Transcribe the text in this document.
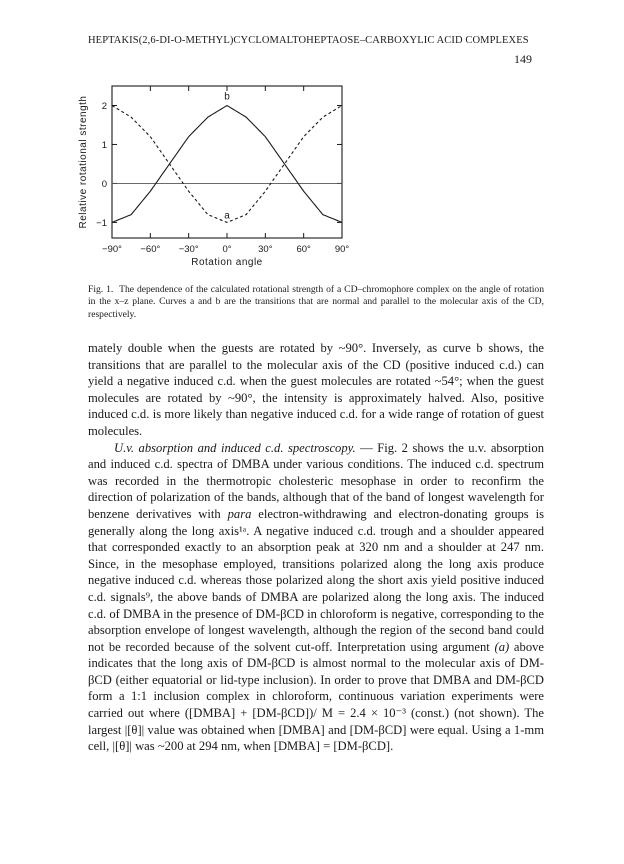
HEPTAKIS(2,6-DI-O-METHYL)CYCLOMALTOHEPTAOSE–CARBOXYLIC ACID COMPLEXES
149
−90° −60° −30°	0°	30°	60°	90°
−1
0
1
2
a
b
Rotation angle
Relative rotational strength
Fig. 1. The dependence of the calculated rotational strength of a CD–chromophore complex on the angle of rotation in the x–z plane. Curves a and b are the transitions that are normal and parallel to the molecular axis of the CD, respectively.

mately double when the guests are rotated by ~90°. Inversely, as curve b shows, the transitions that are parallel to the molecular axis of the CD (positive induced c.d.) can yield a negative induced c.d. when the guest molecules are rotated ~54°; when the guest molecules are rotated by ~90°, the intensity is approximately halved. Also, positive induced c.d. is more likely than negative induced c.d. for a wide range of rotation of guest molecules.

U.v. absorption and induced c.d. spectroscopy. — Fig. 2 shows the u.v. absorption and induced c.d. spectra of DMBA under various conditions. The induced c.d. spectrum was recorded in the thermotropic cholesteric mesophase in order to reconfirm the direction of polarization of the bands, although that of the band of longest wavelength for benzene derivatives with para electron-withdrawing and electron-donating groups is generally along the long axis¹ᵃ. A negative induced c.d. trough and a shoulder appeared that corresponded exactly to an absorption peak at 320 nm and a shoulder at 247 nm. Since, in the mesophase employed, transitions polarized along the long axis produce negative induced c.d. whereas those polarized along the short axis yield positive induced c.d. signals⁹, the above bands of DMBA are polarized along the long axis. The induced c.d. of DMBA in the presence of DM-βCD in chloroform is negative, corresponding to the absorption envelope of longest wavelength, although the region of the second band could not be recorded because of the solvent cut-off. Interpretation using argument (a) above indicates that the long axis of DM-βCD is almost normal to the molecular axis of DM-βCD (either equatorial or lid-type inclusion). In order to prove that DMBA and DM-βCD form a 1:1 inclusion complex in chloroform, continuous variation experiments were carried out where ([DMBA] + [DM-βCD])/ M = 2.4 × 10⁻³ (const.) (not shown). The largest |[θ]| value was obtained when [DMBA] and [DM-βCD] were equal. Using a 1-mm cell, |[θ]| was ~200 at 294 nm, when [DMBA] = [DM-βCD].
